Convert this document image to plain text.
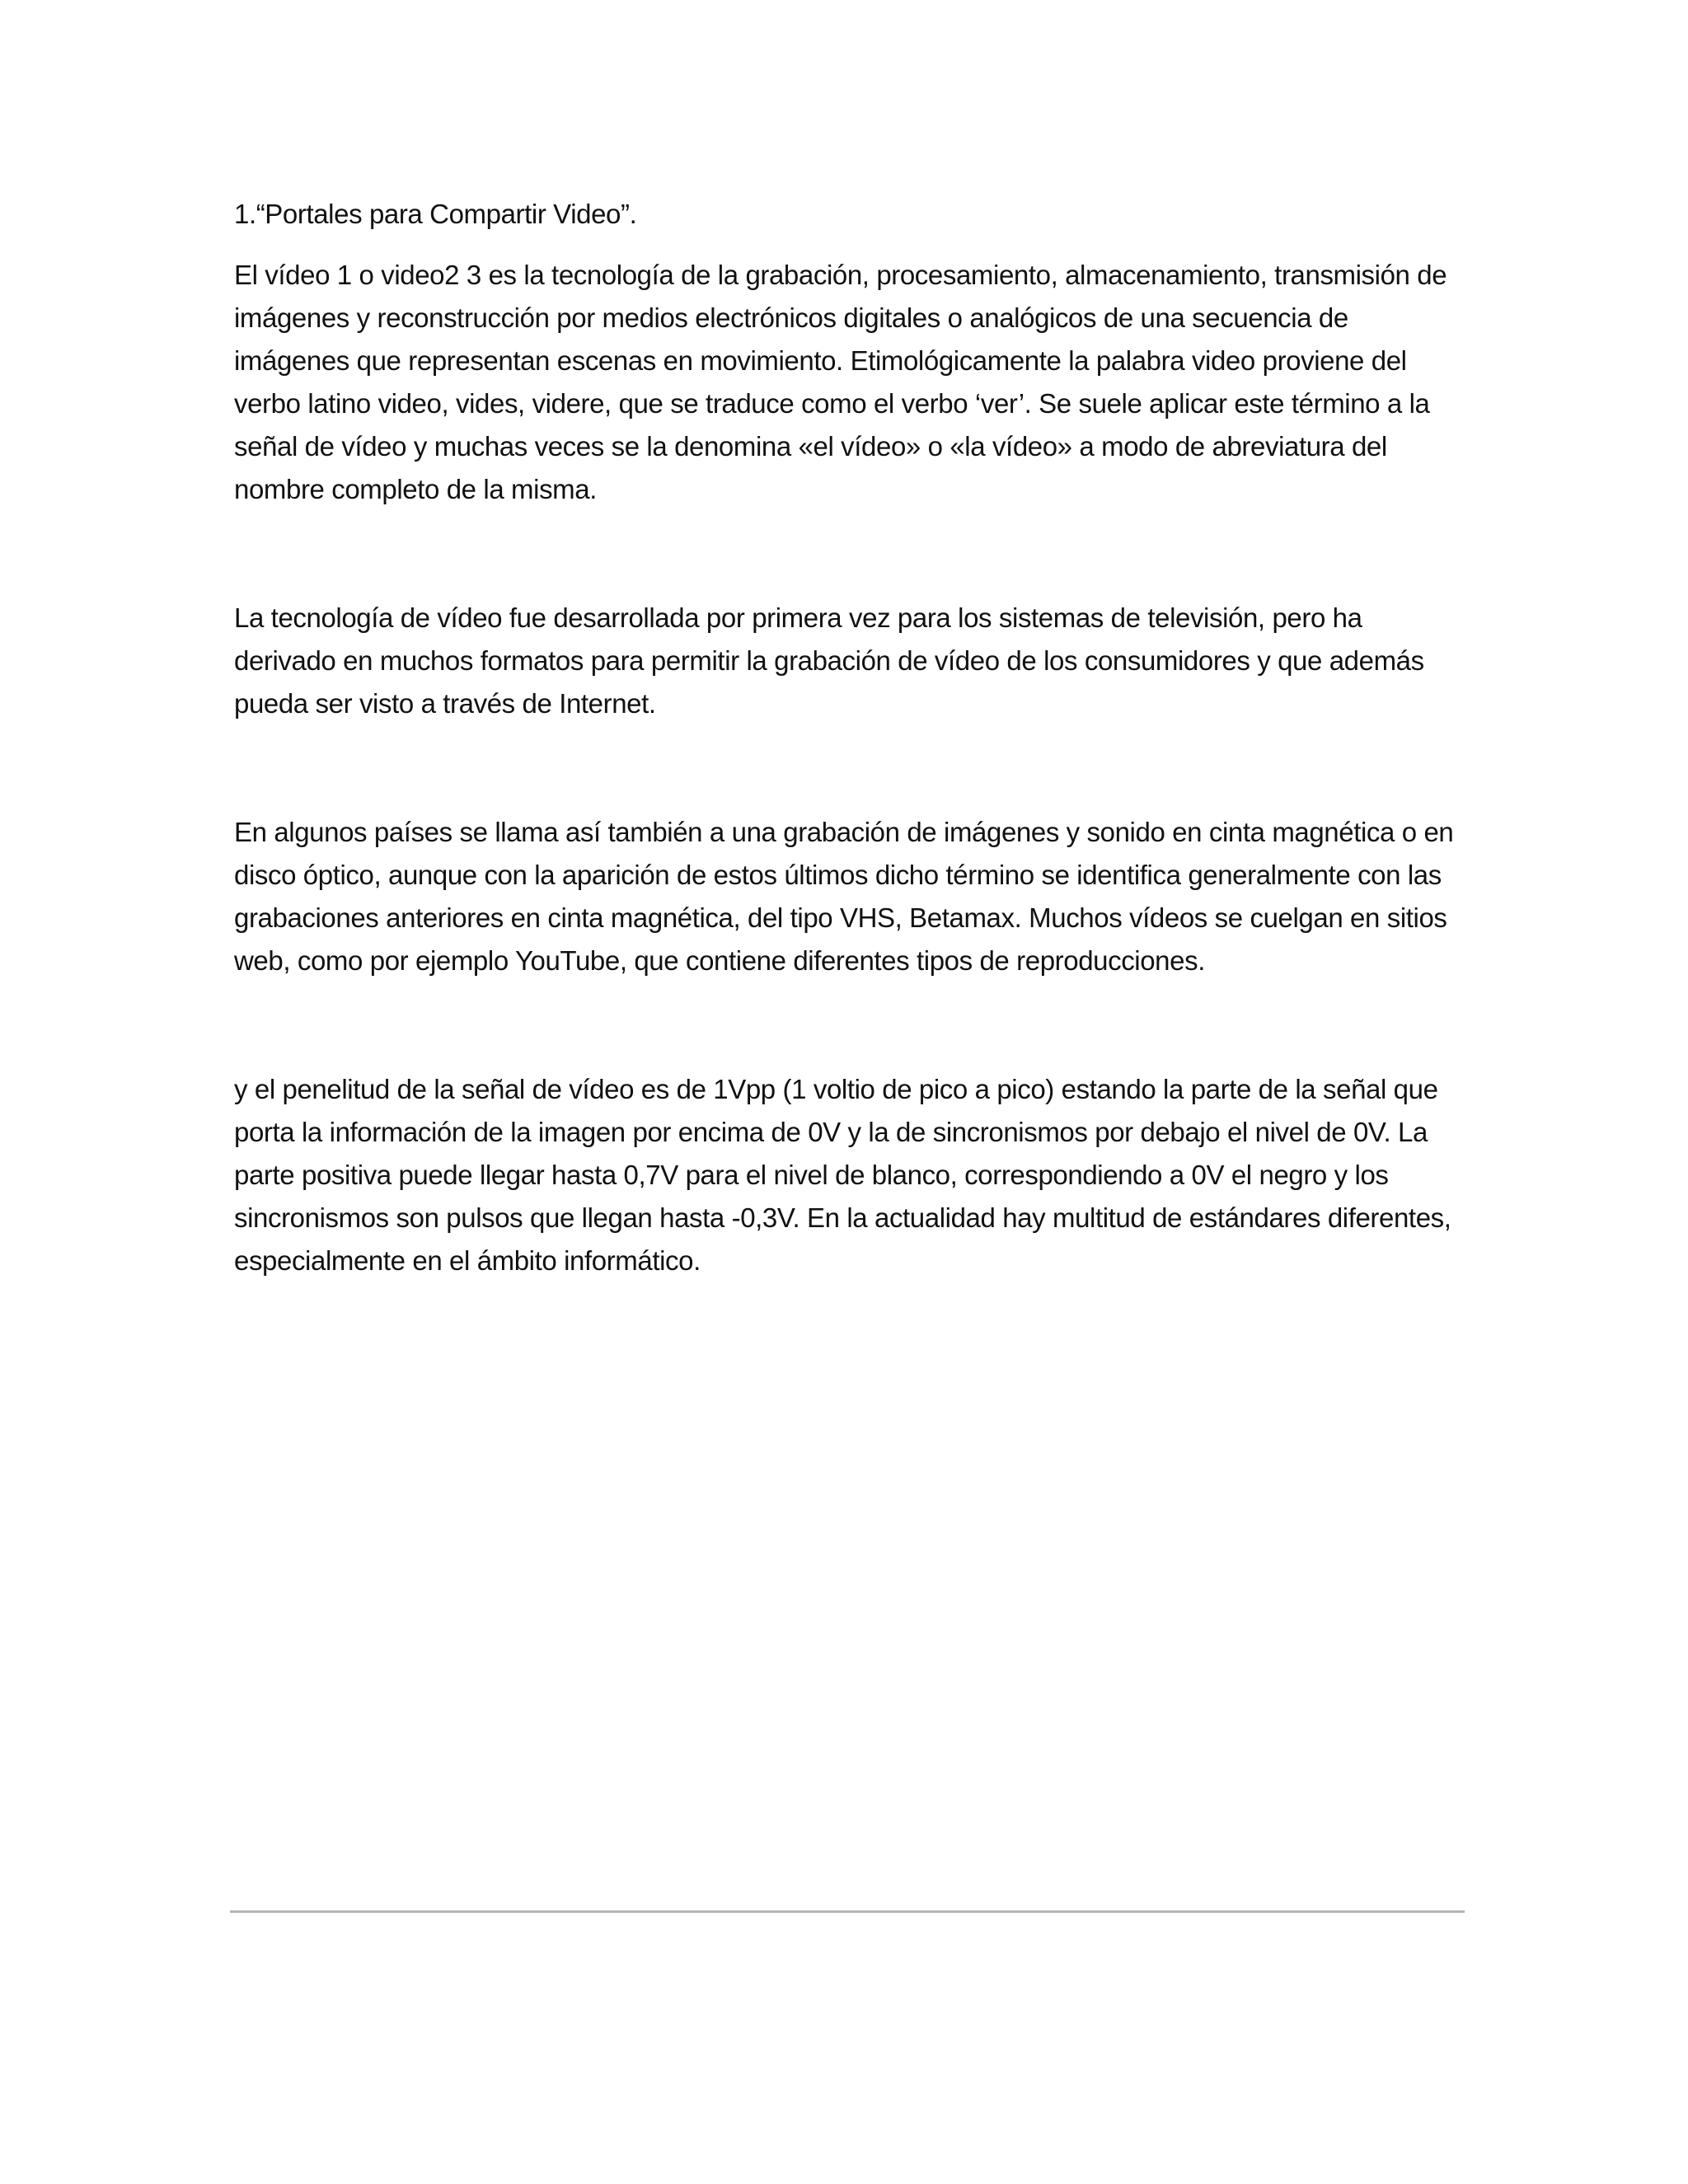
1.“Portales para Compartir Video”.

El vídeo 1 o video2 3 es la tecnología de la grabación, procesamiento, almacenamiento, transmisión de imágenes y reconstrucción por medios electrónicos digitales o analógicos de una secuencia de imágenes que representan escenas en movimiento. Etimológicamente la palabra video proviene del verbo latino video, vides, videre, que se traduce como el verbo ‘ver’. Se suele aplicar este término a la señal de vídeo y muchas veces se la denomina «el vídeo» o «la vídeo» a modo de abreviatura del nombre completo de la misma.

La tecnología de vídeo fue desarrollada por primera vez para los sistemas de televisión, pero ha derivado en muchos formatos para permitir la grabación de vídeo de los consumidores y que además pueda ser visto a través de Internet.

En algunos países se llama así también a una grabación de imágenes y sonido en cinta magnética o en disco óptico, aunque con la aparición de estos últimos dicho término se identifica generalmente con las grabaciones anteriores en cinta magnética, del tipo VHS, Betamax. Muchos vídeos se cuelgan en sitios web, como por ejemplo YouTube, que contiene diferentes tipos de reproducciones.

y el penelitud de la señal de vídeo es de 1Vpp (1 voltio de pico a pico) estando la parte de la señal que porta la información de la imagen por encima de 0V y la de sincronismos por debajo el nivel de 0V. La parte positiva puede llegar hasta 0,7V para el nivel de blanco, correspondiendo a 0V el negro y los sincronismos son pulsos que llegan hasta -0,3V. En la actualidad hay multitud de estándares diferentes, especialmente en el ámbito informático.
